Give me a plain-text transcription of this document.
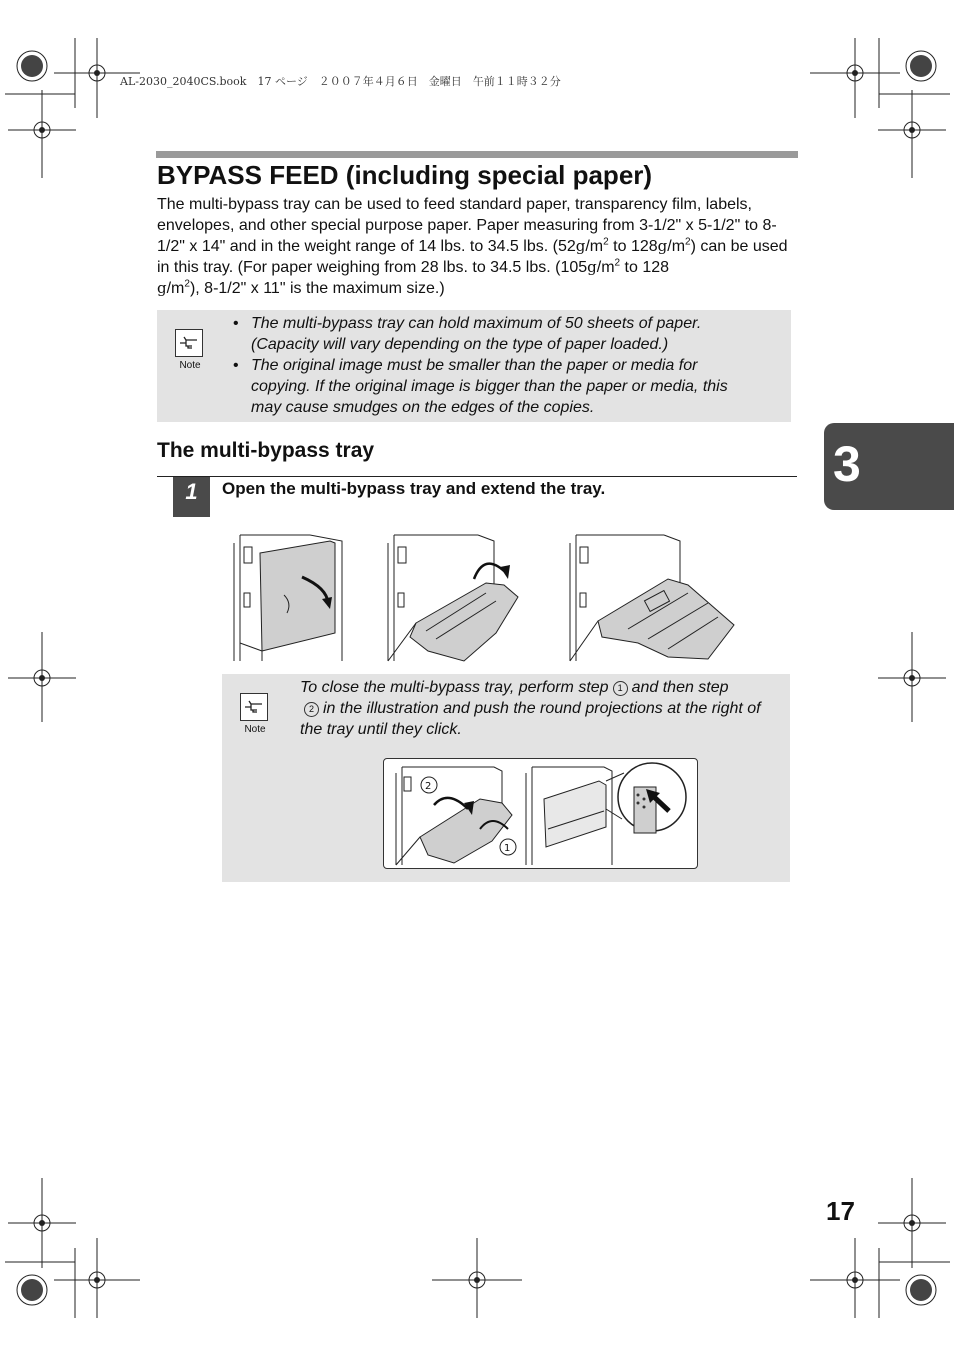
AL-2030_2040CS.book　17 ページ　２００７年４月６日　金曜日　午前１１時３２分
BYPASS FEED (including special paper)
The multi-bypass tray can be used to feed standard paper, transparency film, labels, envelopes, and other special purpose paper. Paper measuring from 3-1/2" x 5-1/2" to 8-1/2" x 14" and in the weight range of 14 lbs. to 34.5 lbs. ($52g/m^2$ to $128g/m^2$) can be used in this tray. (For paper weighing from 28 lbs. to 34.5 lbs. ($105g/m^2$ to 128
$g/m^2$), 8-1/2" x 11" is the maximum size.)
Note
• The multi-bypass tray can hold maximum of 50 sheets of paper. (Capacity will vary depending on the type of paper loaded.)
• The original image must be smaller than the paper or media for copying. If the original image is bigger than the paper or media, this may cause smudges on the edges of the copies.
The multi-bypass tray
1	Open the multi-bypass tray and extend the tray.
Note
To close the multi-bypass tray, perform step 1 and then step
2 in the illustration and push the round projections at the right of the tray until they click.
2
1
3
17
